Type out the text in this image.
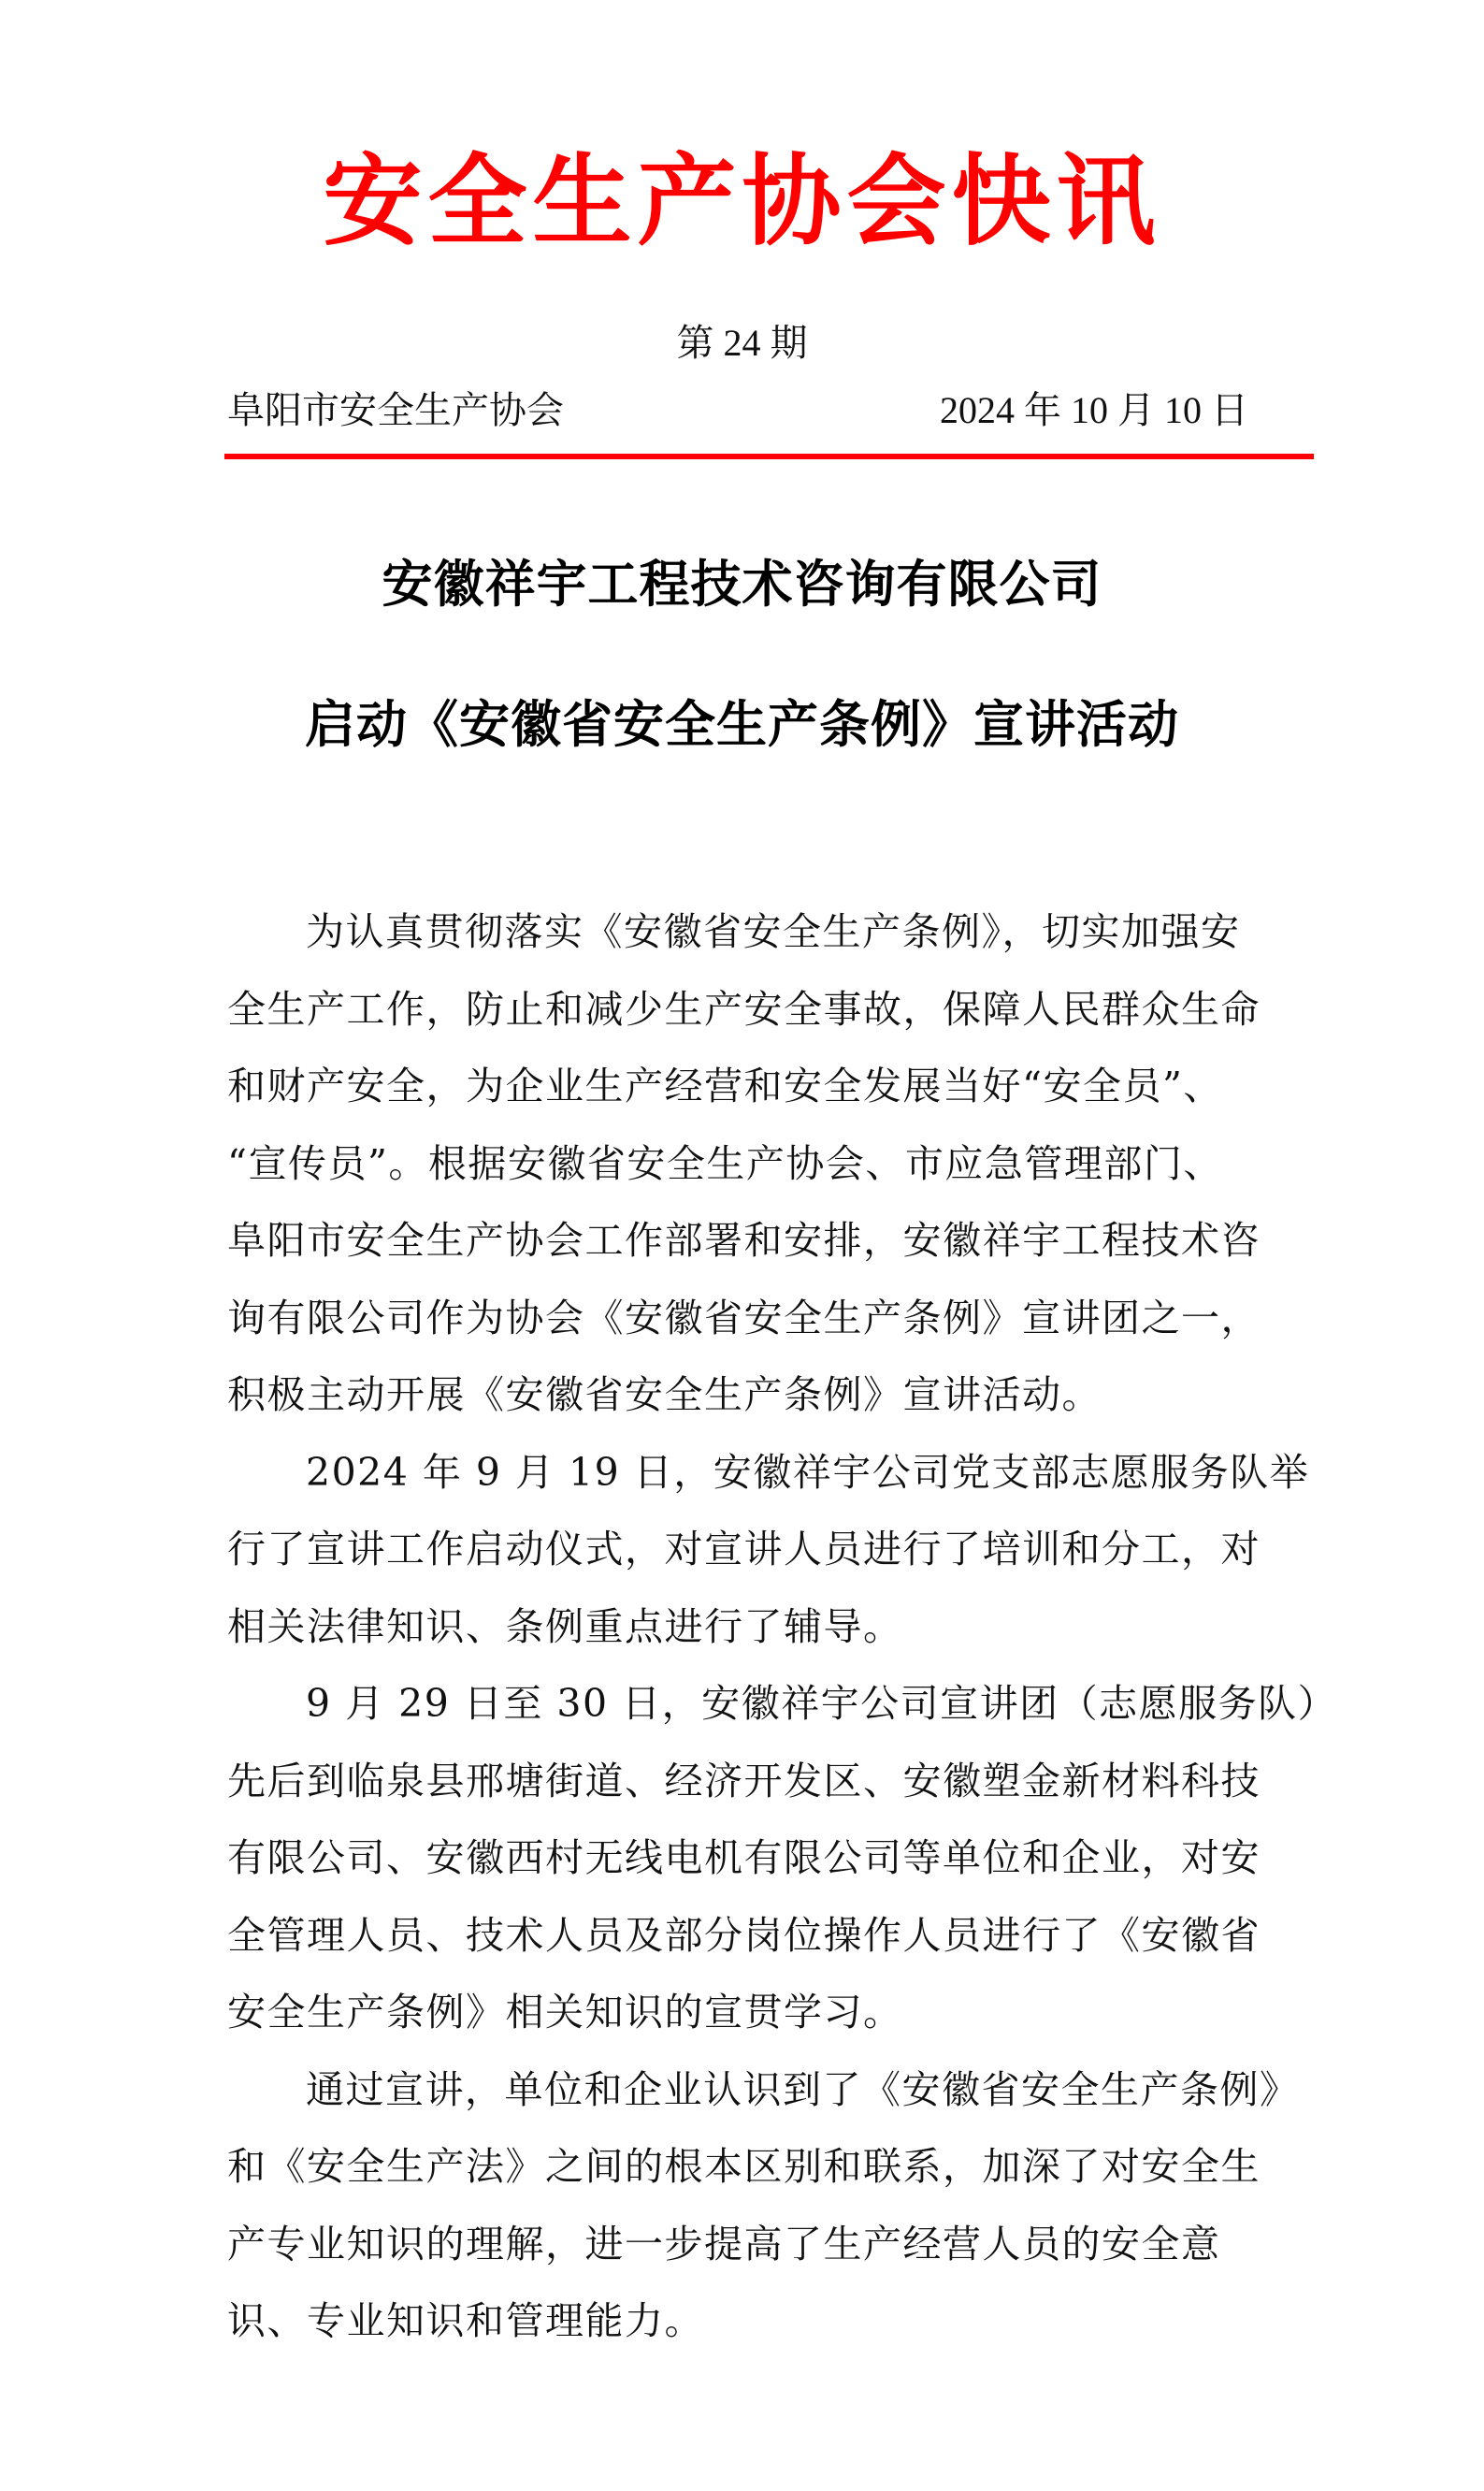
安全生产协会快讯
第 24 期
阜阳市安全生产协会	2024 年 10 月 10 日
安徽祥宇工程技术咨询有限公司
启动《安徽省安全生产条例》宣讲活动
为认真贯彻落实《安徽省安全生产条例》，切实加强安
全生产工作，防止和减少生产安全事故，保障人民群众生命
和财产安全，为企业生产经营和安全发展当好“安全员”、
“宣传员”。根据安徽省安全生产协会、市应急管理部门、
阜阳市安全生产协会工作部署和安排，安徽祥宇工程技术咨
询有限公司作为协会《安徽省安全生产条例》宣讲团之一，
积极主动开展《安徽省安全生产条例》宣讲活动。
2024 年 9 月 19 日，安徽祥宇公司党支部志愿服务队举
行了宣讲工作启动仪式，对宣讲人员进行了培训和分工，对
相关法律知识、条例重点进行了辅导。
9 月 29 日至 30 日，安徽祥宇公司宣讲团（志愿服务队）
先后到临泉县邢塘街道、经济开发区、安徽塑金新材料科技
有限公司、安徽西村无线电机有限公司等单位和企业，对安
全管理人员、技术人员及部分岗位操作人员进行了《安徽省
安全生产条例》相关知识的宣贯学习。
通过宣讲，单位和企业认识到了《安徽省安全生产条例》
和《安全生产法》之间的根本区别和联系，加深了对安全生
产专业知识的理解，进一步提高了生产经营人员的安全意
识、专业知识和管理能力。
